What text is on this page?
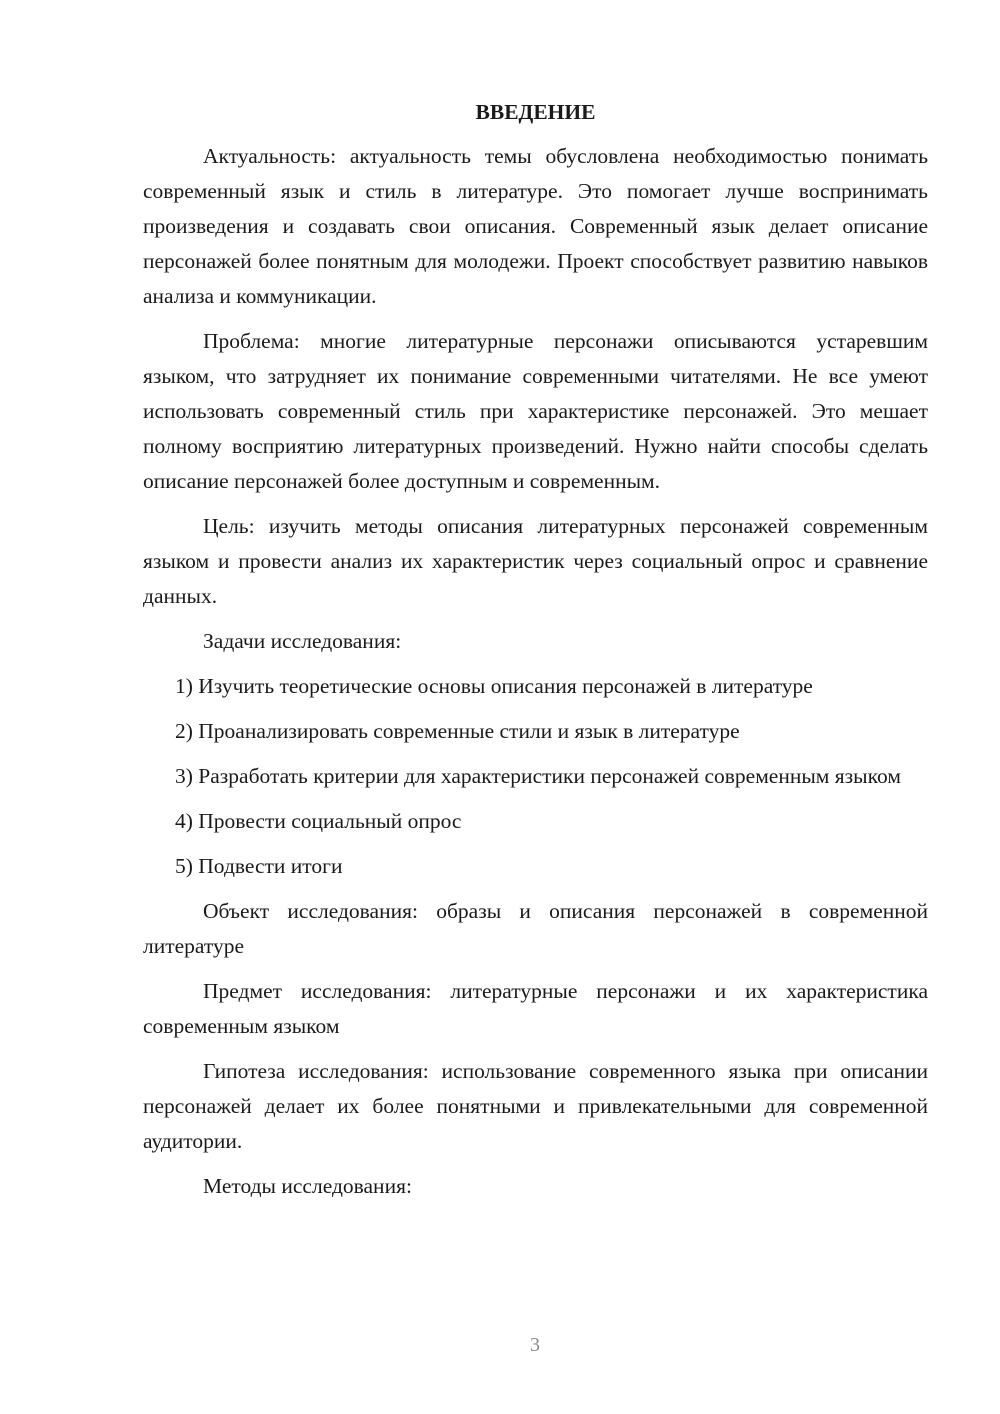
ВВЕДЕНИЕ

Актуальность: актуальность темы обусловлена необходимостью понимать современный язык и стиль в литературе. Это помогает лучше воспринимать произведения и создавать свои описания. Современный язык делает описание персонажей более понятным для молодежи. Проект способствует развитию навыков анализа и коммуникации.

Проблема: многие литературные персонажи описываются устаревшим языком, что затрудняет их понимание современными читателями. Не все умеют использовать современный стиль при характеристике персонажей. Это мешает полному восприятию литературных произведений. Нужно найти способы сделать описание персонажей более доступным и современным.

Цель: изучить методы описания литературных персонажей современным языком и провести анализ их характеристик через социальный опрос и сравнение данных.

Задачи исследования:

1) Изучить теоретические основы описания персонажей в литературе

2) Проанализировать современные стили и язык в литературе

3) Разработать критерии для характеристики персонажей современным языком

4) Провести социальный опрос

5) Подвести итоги

Объект исследования: образы и описания персонажей в современной литературе

Предмет исследования: литературные персонажи и их характеристика современным языком

Гипотеза исследования: использование современного языка при описании персонажей делает их более понятными и привлекательными для современной аудитории.

Методы исследования:

3
